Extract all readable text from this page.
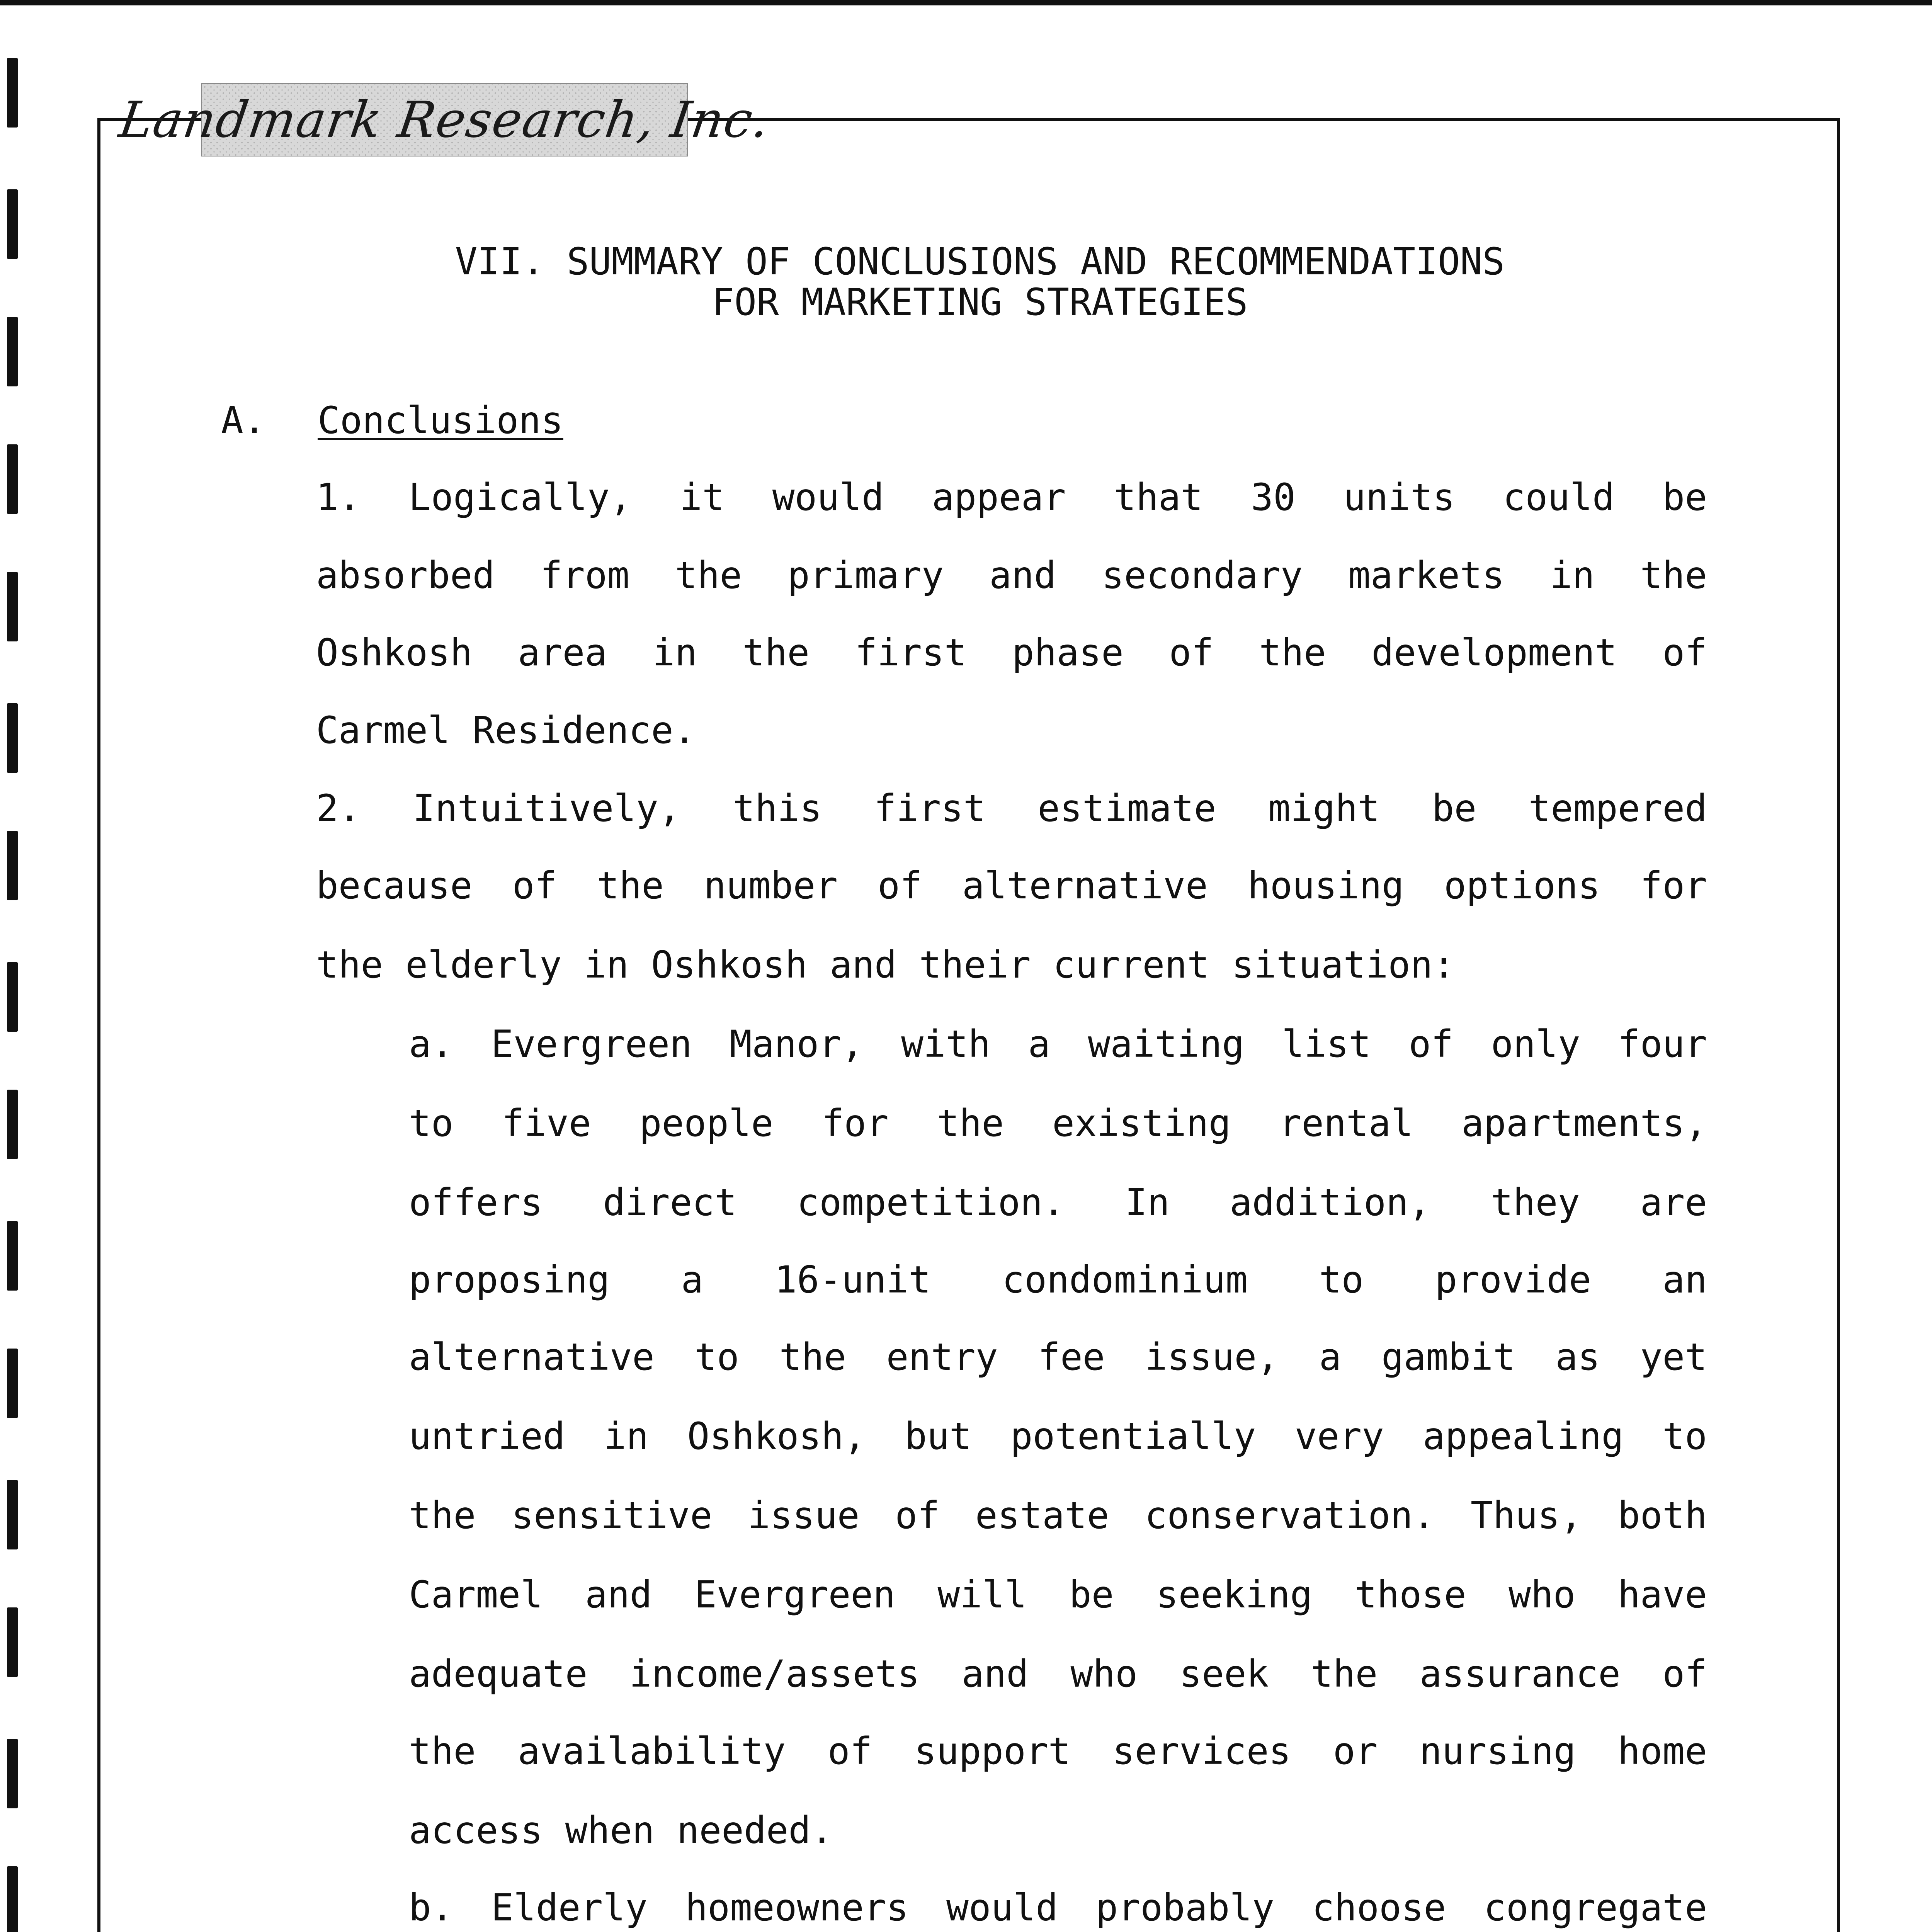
Landmark Research, Inc.
VII. SUMMARY OF CONCLUSIONS AND RECOMMENDATIONS
FOR MARKETING STRATEGIES
A. Conclusions
1. Logically, it would appear that 30 units could be
absorbed from the primary and secondary markets in the
Oshkosh area in the first phase of the development of
Carmel Residence.
2. Intuitively, this first estimate might be tempered
because of the number of alternative housing options for
the elderly in Oshkosh and their current situation:
a. Evergreen Manor, with a waiting list of only four
to five people for the existing rental apartments,
offers direct competition. In addition, they are
proposing a 16-unit condominium to provide an
alternative to the entry fee issue, a gambit as yet
untried in Oshkosh, but potentially very appealing to
the sensitive issue of estate conservation. Thus, both
Carmel and Evergreen will be seeking those who have
adequate income/assets and who seek the assurance of
the availability of support services or nursing home
access when needed.
b. Elderly homeowners would probably choose congregate
